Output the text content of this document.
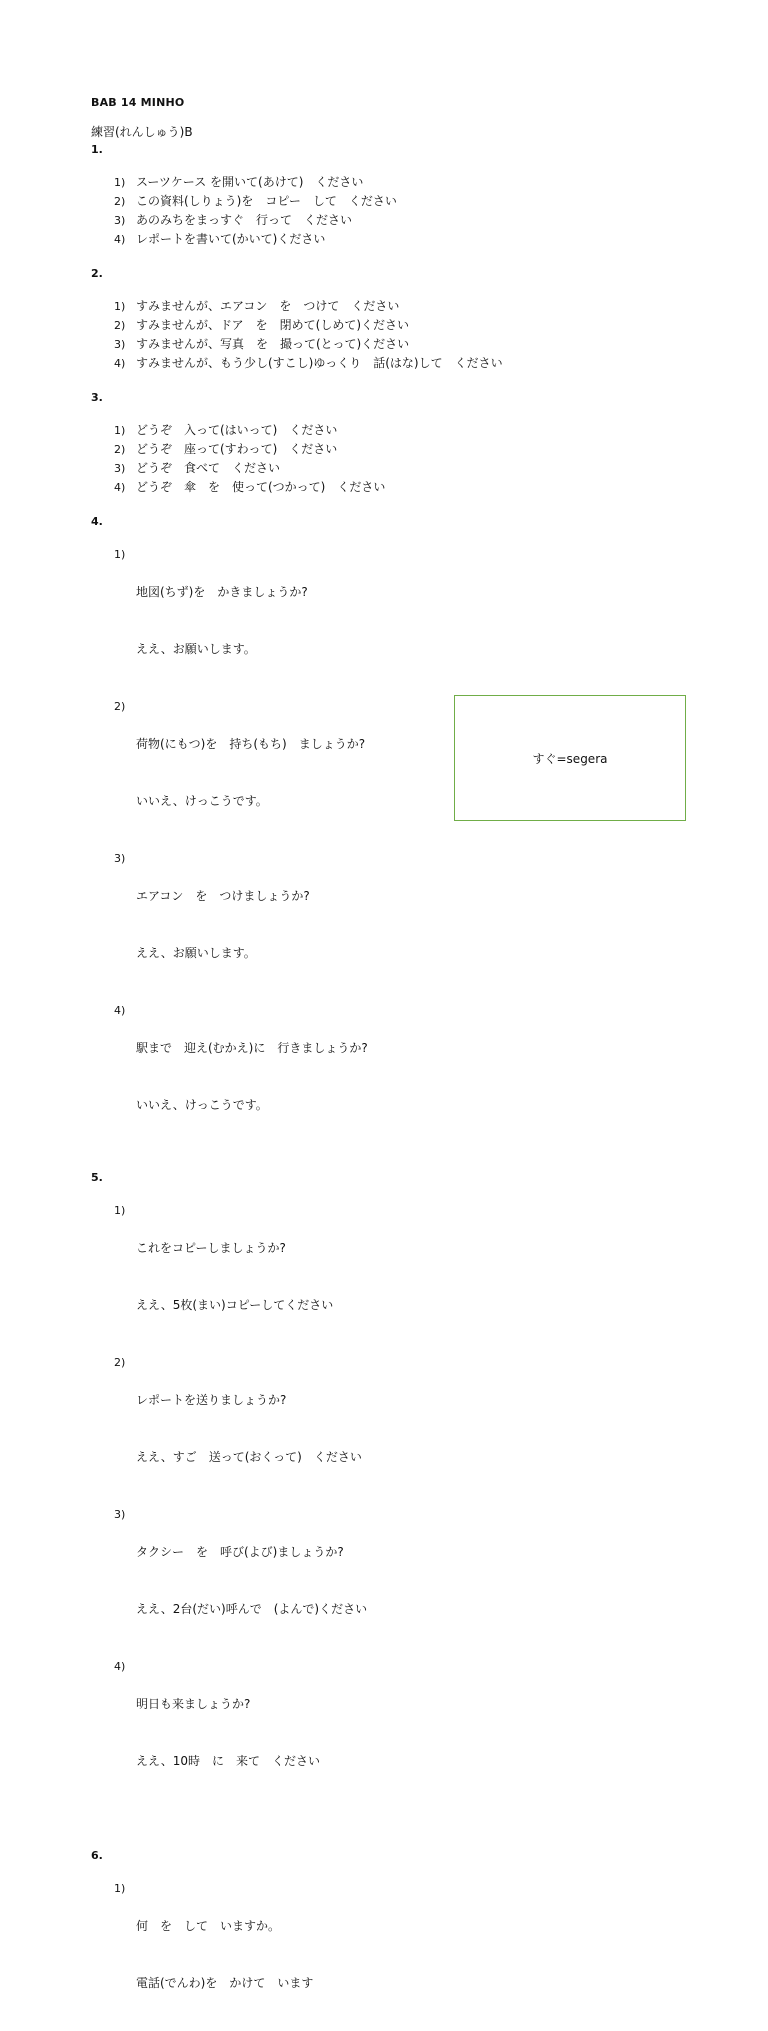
BAB 14 MINHO
練習(れんしゅう)B
1.
1) スーツケース を開いて(あけて)　ください
2) この資料(しりょう)を　コピー　して　ください
3) あのみちをまっすぐ　行って　ください
4) レポートを書いて(かいて)ください
2.
1) すみませんが、エアコン　を　つけて　ください
2) すみませんが、ドア　を　閉めて(しめて)ください
3) すみませんが、写真　を　撮って(とって)ください
4) すみませんが、もう少し(すこし)ゆっくり　話(はな)して　ください
3.
1) どうぞ　入って(はいって)　ください
2) どうぞ　座って(すわって)　ください
3) どうぞ　食べて　ください
4) どうぞ　傘　を　使って(つかって)　ください
4.
1)

地図(ちず)を　かきましょうか?

ええ、お願いします。

2)

荷物(にもつ)を　持ち(もち)　ましょうか?

いいえ、けっこうです。

3)

エアコン　を　つけましょうか?

ええ、お願いします。

4)

駅まで　迎え(むかえ)に　行きましょうか?

いいえ、けっこうです。

5.
1)

これをコピーしましょうか?

ええ、5枚(まい)コピーしてください

2)

レポートを送りましょうか?

ええ、すご　送って(おくって)　ください

3)

タクシー　を　呼び(よび)ましょうか?

ええ、2台(だい)呼んで　(よんで)ください

4)

明日も来ましょうか?

ええ、10時　に　来て　ください

6.
1)

何　を　して　いますか。

電話(でんわ)を　かけて　います

すぐ=segera
